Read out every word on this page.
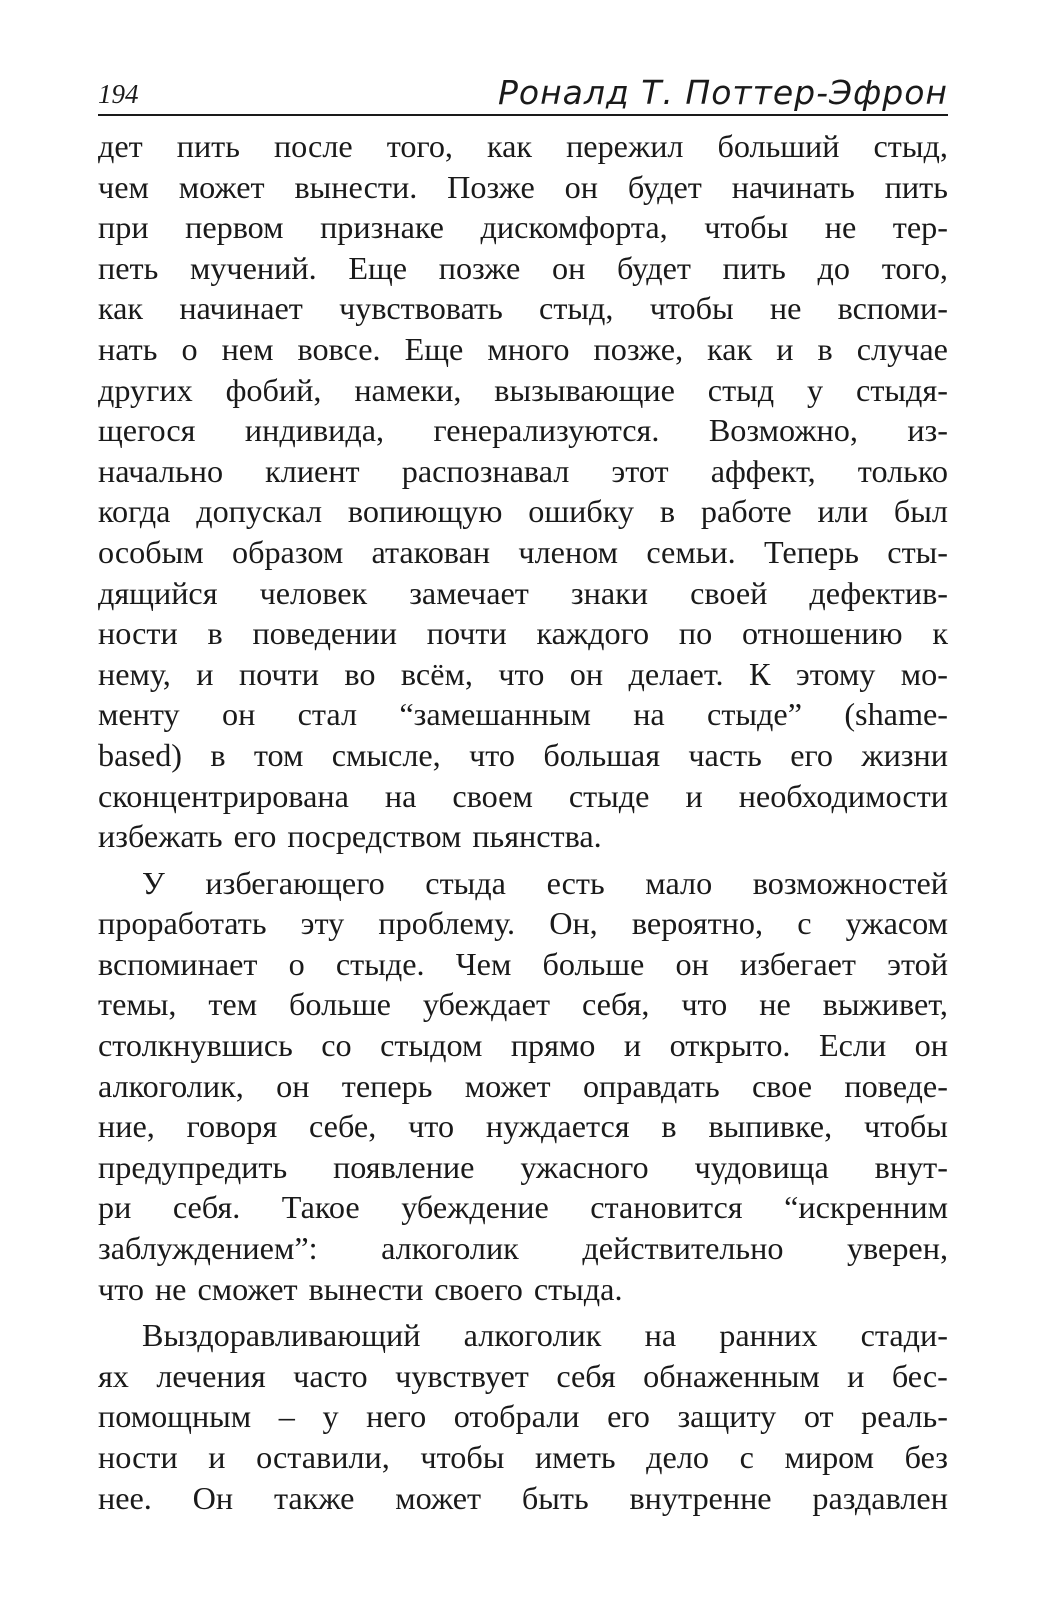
194	Роналд Т. Поттер-Эфрон
дет пить после того, как пережил больший стыд,
чем может вынести. Позже он будет начинать пить
при первом признаке дискомфорта, чтобы не тер-
петь мучений. Еще позже он будет пить до того,
как начинает чувствовать стыд, чтобы не вспоми-
нать о нем вовсе. Еще много позже, как и в случае
других фобий, намеки, вызывающие стыд у стыдя-
щегося индивида, генерализуются. Возможно, из-
начально клиент распознавал этот аффект, только
когда допускал вопиющую ошибку в работе или был
особым образом атакован членом семьи. Теперь сты-
дящийся человек замечает знаки своей дефектив-
ности в поведении почти каждого по отношению к
нему, и почти во всём, что он делает. К этому мо-
менту он стал “замешанным на стыде” (shame-
based) в том смысле, что большая часть его жизни
сконцентрирована на своем стыде и необходимости
избежать его посредством пьянства.
У избегающего стыда есть мало возможностей
проработать эту проблему. Он, вероятно, с ужасом
вспоминает о стыде. Чем больше он избегает этой
темы, тем больше убеждает себя, что не выживет,
столкнувшись со стыдом прямо и открыто. Если он
алкоголик, он теперь может оправдать свое поведе-
ние, говоря себе, что нуждается в выпивке, чтобы
предупредить появление ужасного чудовища внут-
ри себя. Такое убеждение становится “искренним
заблуждением”: алкоголик действительно уверен,
что не сможет вынести своего стыда.
Выздоравливающий алкоголик на ранних стади-
ях лечения часто чувствует себя обнаженным и бес-
помощным – у него отобрали его защиту от реаль-
ности и оставили, чтобы иметь дело с миром без
нее. Он также может быть внутренне раздавлен
